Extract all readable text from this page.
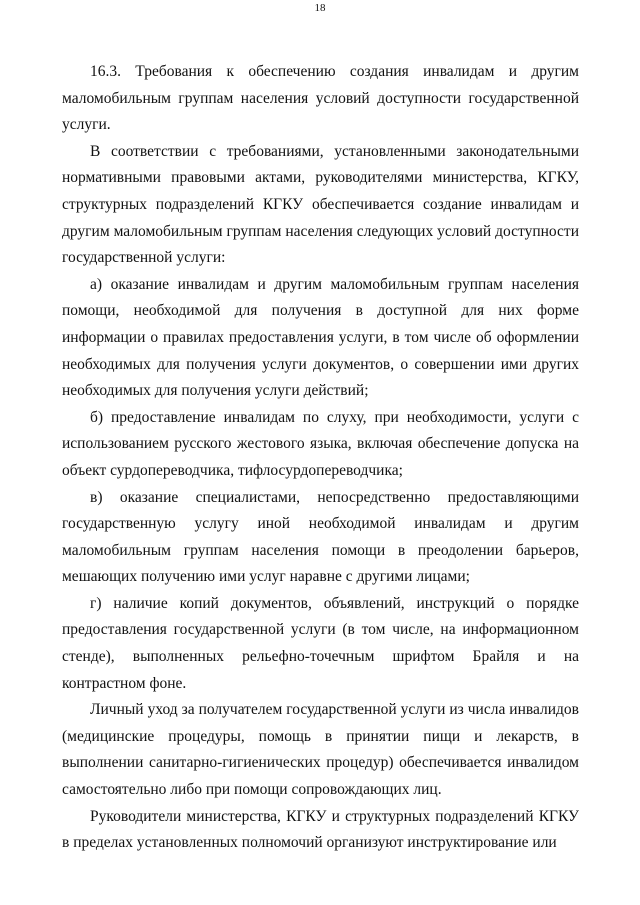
18

16.3. Требования к обеспечению создания инвалидам и другим маломобильным группам населения условий доступности государственной услуги.

В соответствии с требованиями, установленными законодательными нормативными правовыми актами, руководителями министерства, КГКУ, структурных подразделений КГКУ обеспечивается создание инвалидам и другим маломобильным группам населения следующих условий доступности государственной услуги:

а) оказание инвалидам и другим маломобильным группам населения помощи, необходимой для получения в доступной для них форме информации о правилах предоставления услуги, в том числе об оформлении необходимых для получения услуги документов, о совершении ими других необходимых для получения услуги действий;

б) предоставление инвалидам по слуху, при необходимости, услуги с использованием русского жестового языка, включая обеспечение допуска на объект сурдопереводчика, тифлосурдопереводчика;

в) оказание специалистами, непосредственно предоставляющими государственную услугу иной необходимой инвалидам и другим маломобильным группам населения помощи в преодолении барьеров, мешающих получению ими услуг наравне с другими лицами;

г) наличие копий документов, объявлений, инструкций о порядке предоставления государственной услуги (в том числе, на информационном стенде), выполненных рельефно-точечным шрифтом Брайля и на контрастном фоне.

Личный уход за получателем государственной услуги из числа инвалидов (медицинские процедуры, помощь в принятии пищи и лекарств, в выполнении санитарно-гигиенических процедур) обеспечивается инвалидом самостоятельно либо при помощи сопровождающих лиц.

Руководители министерства, КГКУ и структурных подразделений КГКУ в пределах установленных полномочий организуют инструктирование или
